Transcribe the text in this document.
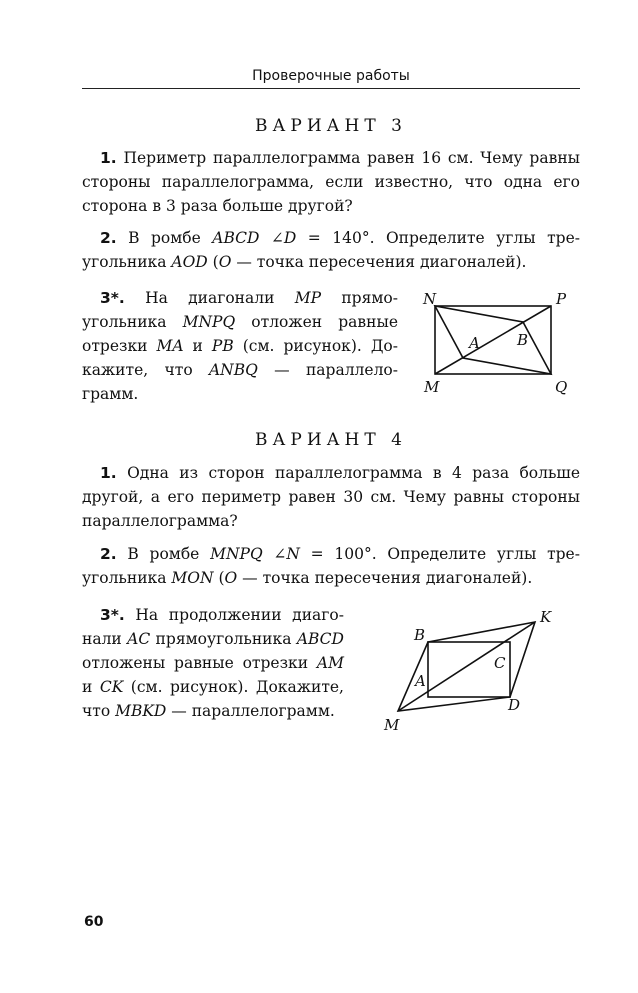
Проверочные работы
ВАРИАНТ 3
1. Периметр параллелограмма равен 16 см. Чему равны стороны параллелограмма, если известно, что одна его сторона в 3 раза больше другой?
2. В ромбе ABCD ∠D = 140°. Определите углы треугольника AOD (O — точка пересечения диагоналей).
3*. На диагонали MP прямоугольника MNPQ отложен равные отрезки MA и PB (см. рисунок). Докажите, что ANBQ — параллелограмм.
N	P
M	Q
A B
ВАРИАНТ 4
1. Одна из сторон параллелограмма в 4 раза больше другой, а его периметр равен 30 см. Чему равны стороны параллелограмма?
2. В ромбе MNPQ ∠N = 100°. Определите углы треугольника MON (O — точка пересечения диагоналей).
3*. На продолжении диагонали AC прямоугольника ABCD отложены равные отрезки AM и CK (см. рисунок). Докажите, что MBKD — параллелограмм.
K
B
C
A
D
M
60
